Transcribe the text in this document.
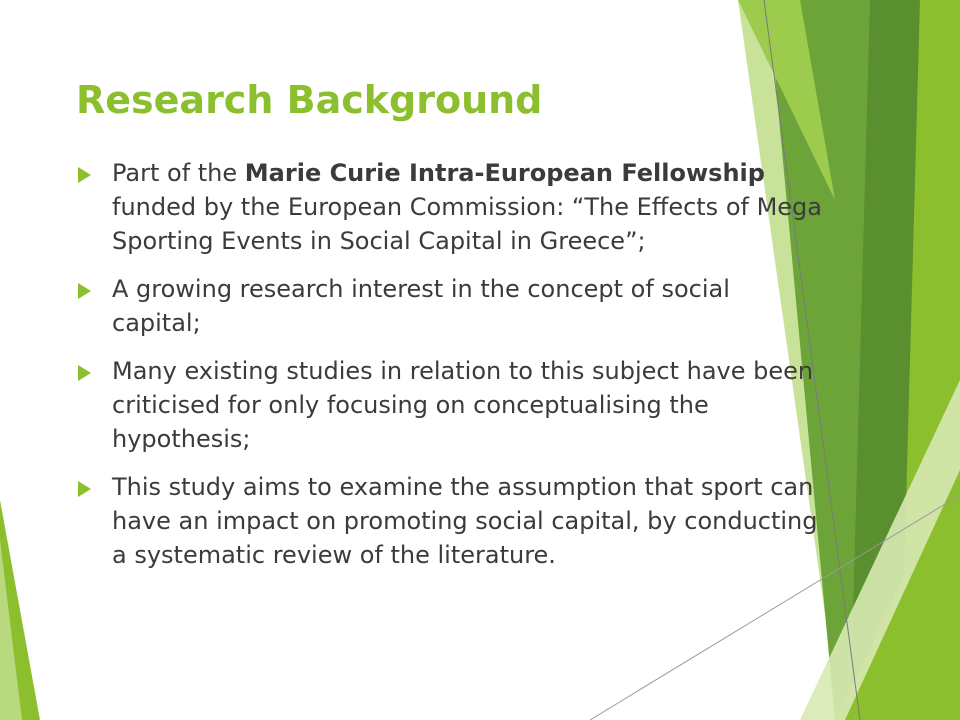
Research Background
Part of the Marie Curie Intra-European Fellowship funded by the European Commission: “The Effects of Mega Sporting Events in Social Capital in Greece”;
A growing research interest in the concept of social capital;
Many existing studies in relation to this subject have been criticised for only focusing on conceptualising the hypothesis;
This study aims to examine the assumption that sport can have an impact on promoting social capital, by conducting a systematic review of the literature.
